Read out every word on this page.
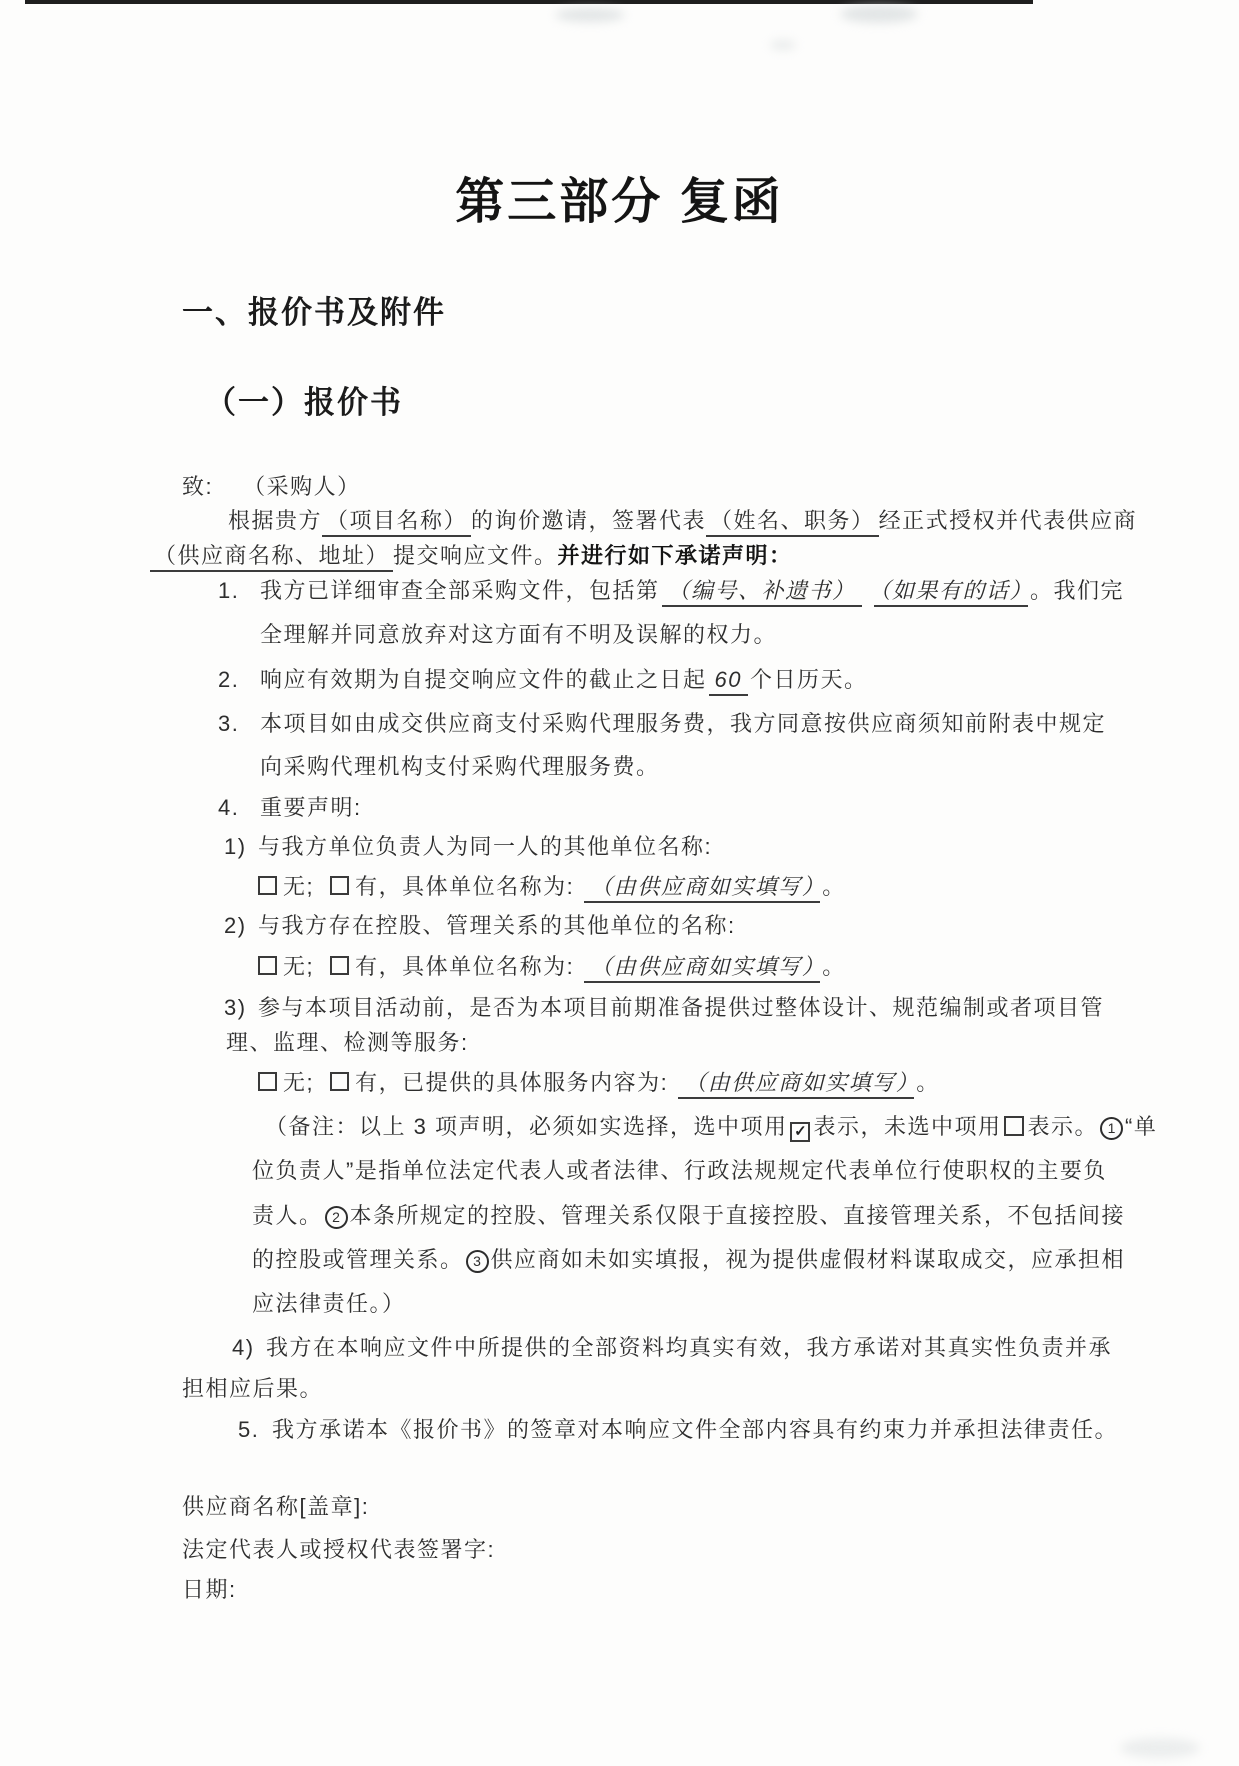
第三部分 复函
一、报价书及附件
（一）报价书
致: （采购人）
根据贵方 （项目名称） 的询价邀请，签署代表 （姓名、职务） 经正式授权并代表供应商
（供应商名称、地址） 提交响应文件。并进行如下承诺声明：
1. 我方已详细审查全部采购文件，包括第 （编号、补遗书） （如果有的话） 。我们完
全理解并同意放弃对这方面有不明及误解的权力。
2. 响应有效期为自提交响应文件的截止之日起 60 个日历天。
3. 本项目如由成交供应商支付采购代理服务费，我方同意按供应商须知前附表中规定
向采购代理机构支付采购代理服务费。
4. 重要声明:
1) 与我方单位负责人为同一人的其他单位名称:
无; 有，具体单位名称为: （由供应商如实填写） 。
2) 与我方存在控股、管理关系的其他单位的名称:
无; 有，具体单位名称为: （由供应商如实填写） 。
3) 参与本项目活动前，是否为本项目前期准备提供过整体设计、规范编制或者项目管
理、监理、检测等服务:
无; 有，已提供的具体服务内容为: （由供应商如实填写） 。
（备注：以上 3 项声明，必须如实选择，选中项用 ✓ 表示，未选中项用 表示。 1 “单
位负责人”是指单位法定代表人或者法律、行政法规规定代表单位行使职权的主要负
责人。 2 本条所规定的控股、管理关系仅限于直接控股、直接管理关系，不包括间接
的控股或管理关系。 3 供应商如未如实填报，视为提供虚假材料谋取成交，应承担相
应法律责任。）
4) 我方在本响应文件中所提供的全部资料均真实有效，我方承诺对其真实性负责并承
担相应后果。
5. 我方承诺本《报价书》的签章对本响应文件全部内容具有约束力并承担法律责任。
供应商名称[盖章]:
法定代表人或授权代表签署字:
日期:
